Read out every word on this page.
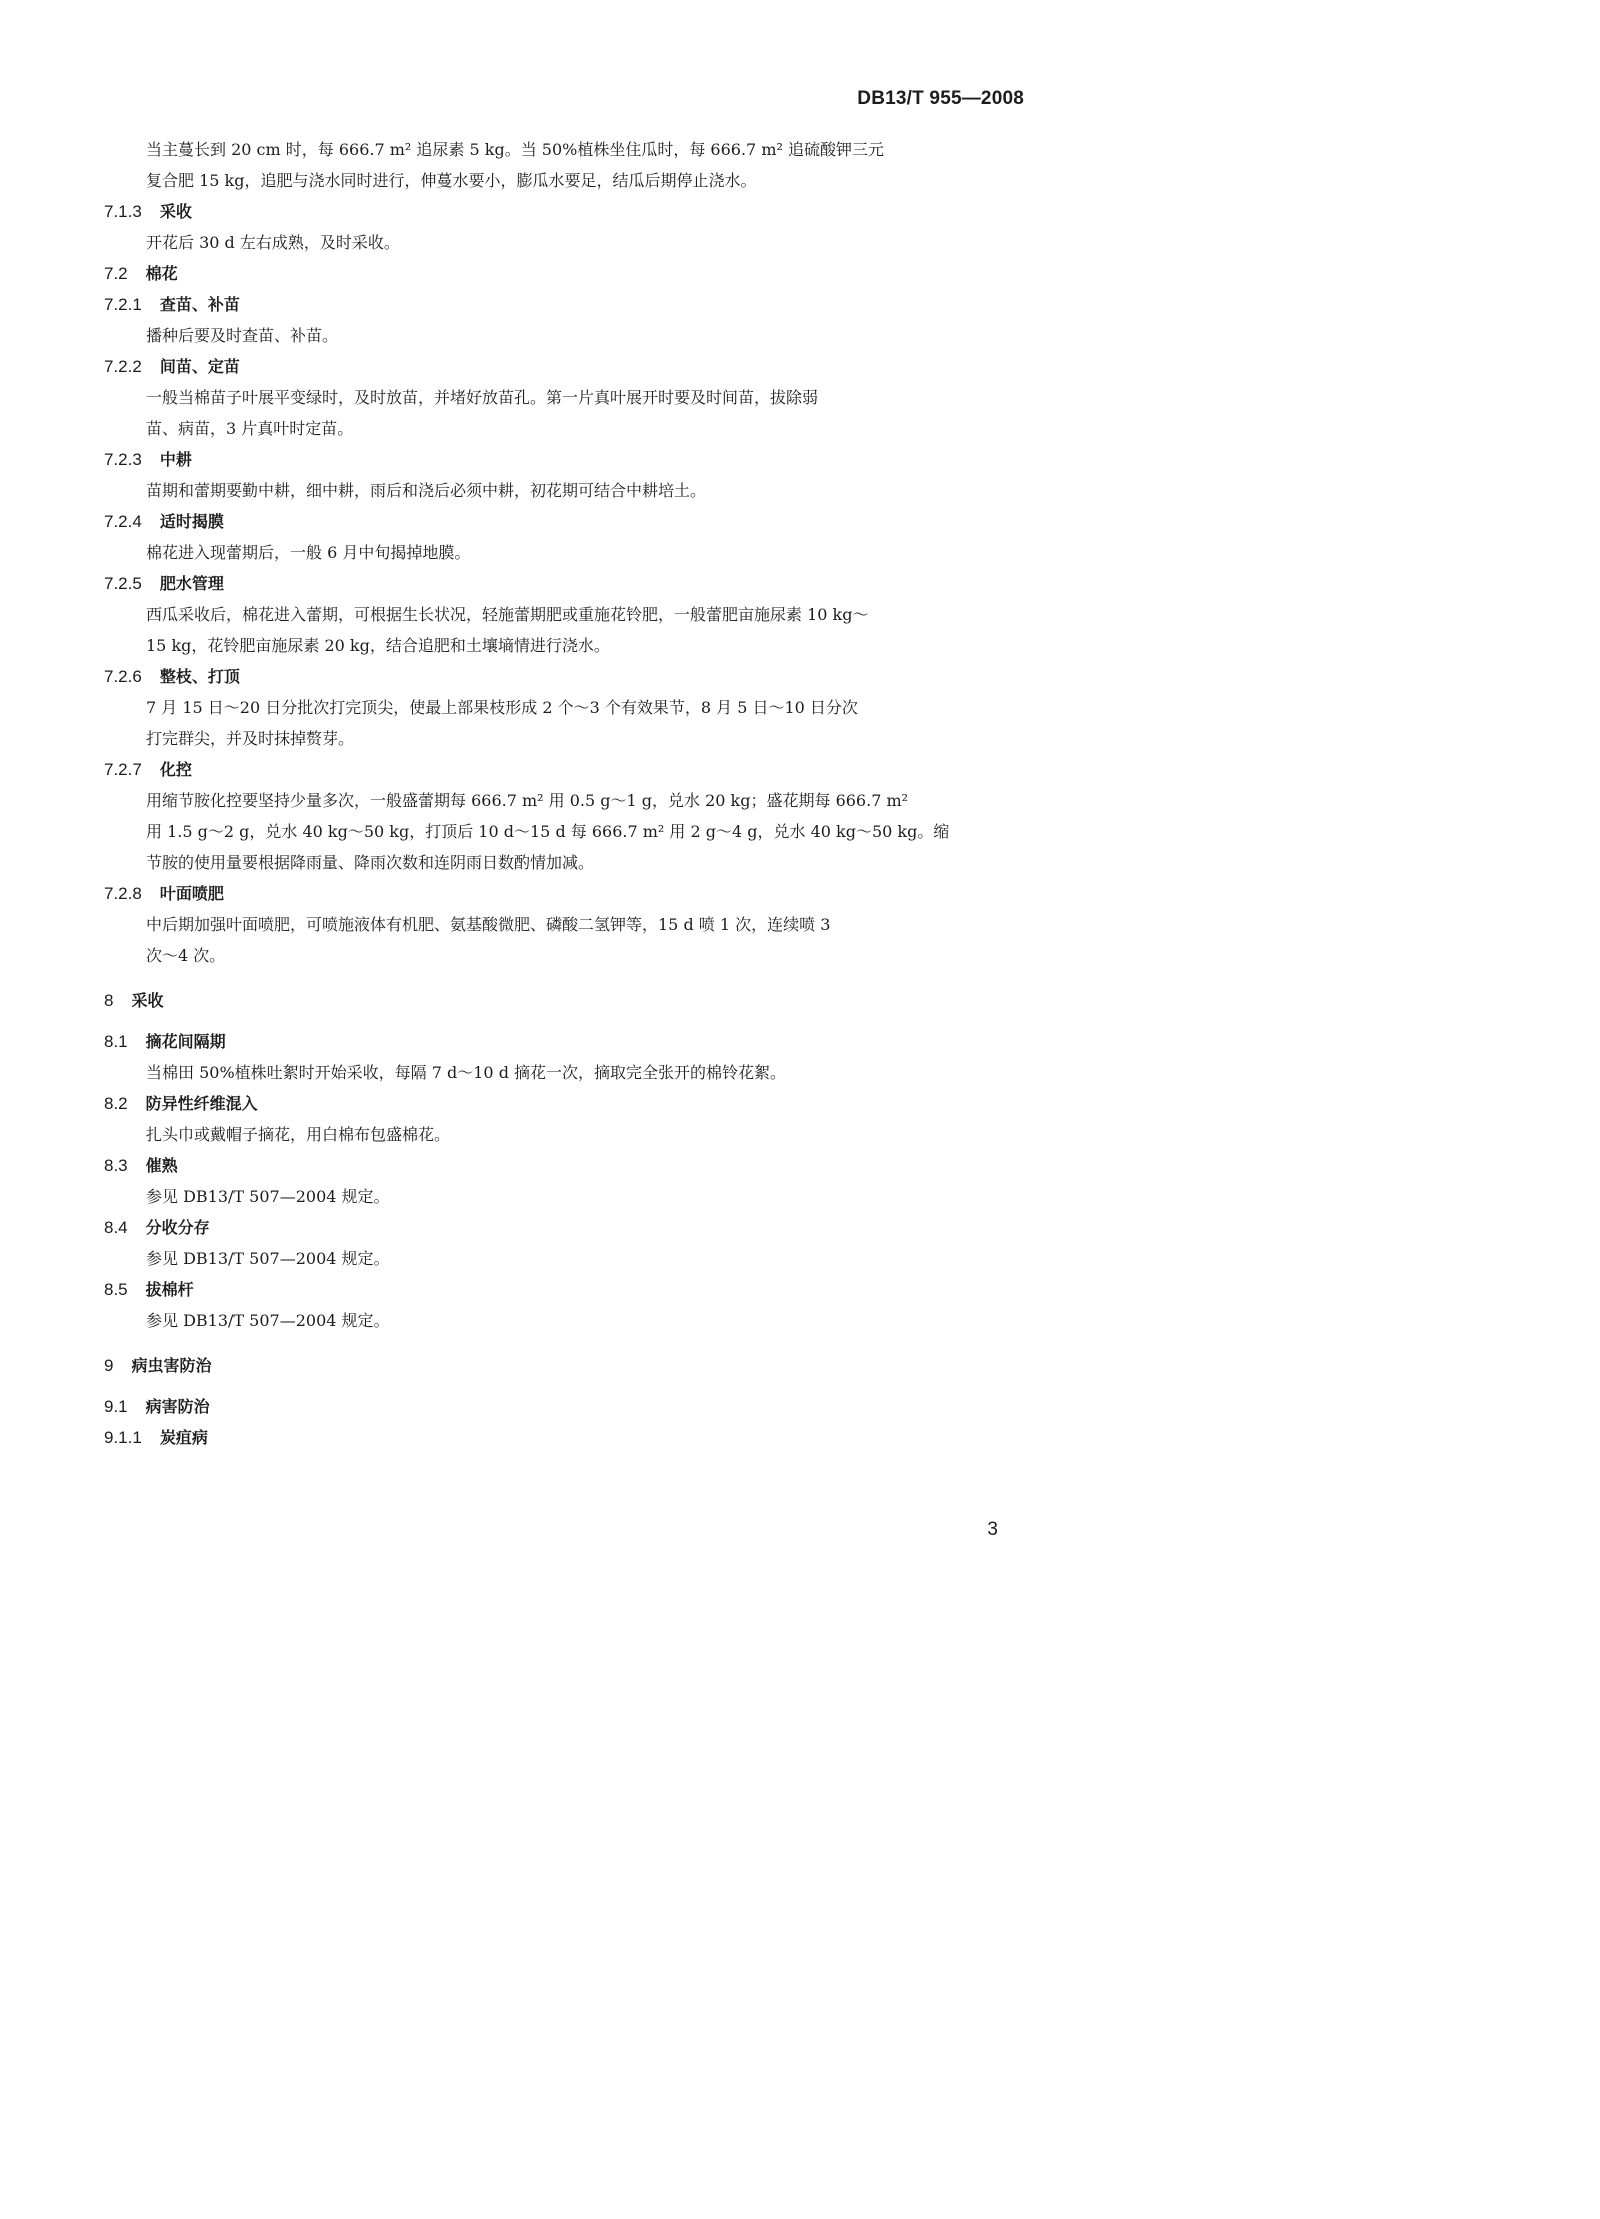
DB13/T 955—2008
当主蔓长到 20 cm 时，每 666.7 m² 追尿素 5 kg。当 50%植株坐住瓜时，每 666.7 m² 追硫酸钾三元
复合肥 15 kg，追肥与浇水同时进行，伸蔓水要小，膨瓜水要足，结瓜后期停止浇水。
7.1.3 采收
开花后 30 d 左右成熟，及时采收。
7.2 棉花
7.2.1 查苗、补苗
播种后要及时查苗、补苗。
7.2.2 间苗、定苗
一般当棉苗子叶展平变绿时，及时放苗，并堵好放苗孔。第一片真叶展开时要及时间苗，拔除弱
苗、病苗，3 片真叶时定苗。
7.2.3 中耕
苗期和蕾期要勤中耕，细中耕，雨后和浇后必须中耕，初花期可结合中耕培土。
7.2.4 适时揭膜
棉花进入现蕾期后，一般 6 月中旬揭掉地膜。
7.2.5 肥水管理
西瓜采收后，棉花进入蕾期，可根据生长状况，轻施蕾期肥或重施花铃肥，一般蕾肥亩施尿素 10 kg～
15 kg，花铃肥亩施尿素 20 kg，结合追肥和土壤墒情进行浇水。
7.2.6 整枝、打顶
7 月 15 日～20 日分批次打完顶尖，使最上部果枝形成 2 个～3 个有效果节，8 月 5 日～10 日分次
打完群尖，并及时抹掉赘芽。
7.2.7 化控
用缩节胺化控要坚持少量多次，一般盛蕾期每 666.7 m² 用 0.5 g～1 g，兑水 20 kg；盛花期每 666.7 m²
用 1.5 g～2 g，兑水 40 kg～50 kg，打顶后 10 d～15 d 每 666.7 m² 用 2 g～4 g，兑水 40 kg～50 kg。缩
节胺的使用量要根据降雨量、降雨次数和连阴雨日数酌情加减。
7.2.8 叶面喷肥
中后期加强叶面喷肥，可喷施液体有机肥、氨基酸微肥、磷酸二氢钾等，15 d 喷 1 次，连续喷 3
次～4 次。
8 采收
8.1 摘花间隔期
当棉田 50%植株吐絮时开始采收，每隔 7 d～10 d 摘花一次，摘取完全张开的棉铃花絮。
8.2 防异性纤维混入
扎头巾或戴帽子摘花，用白棉布包盛棉花。
8.3 催熟
参见 DB13/T 507—2004 规定。
8.4 分收分存
参见 DB13/T 507—2004 规定。
8.5 拔棉杆
参见 DB13/T 507—2004 规定。
9 病虫害防治
9.1 病害防治
9.1.1 炭疽病
3
